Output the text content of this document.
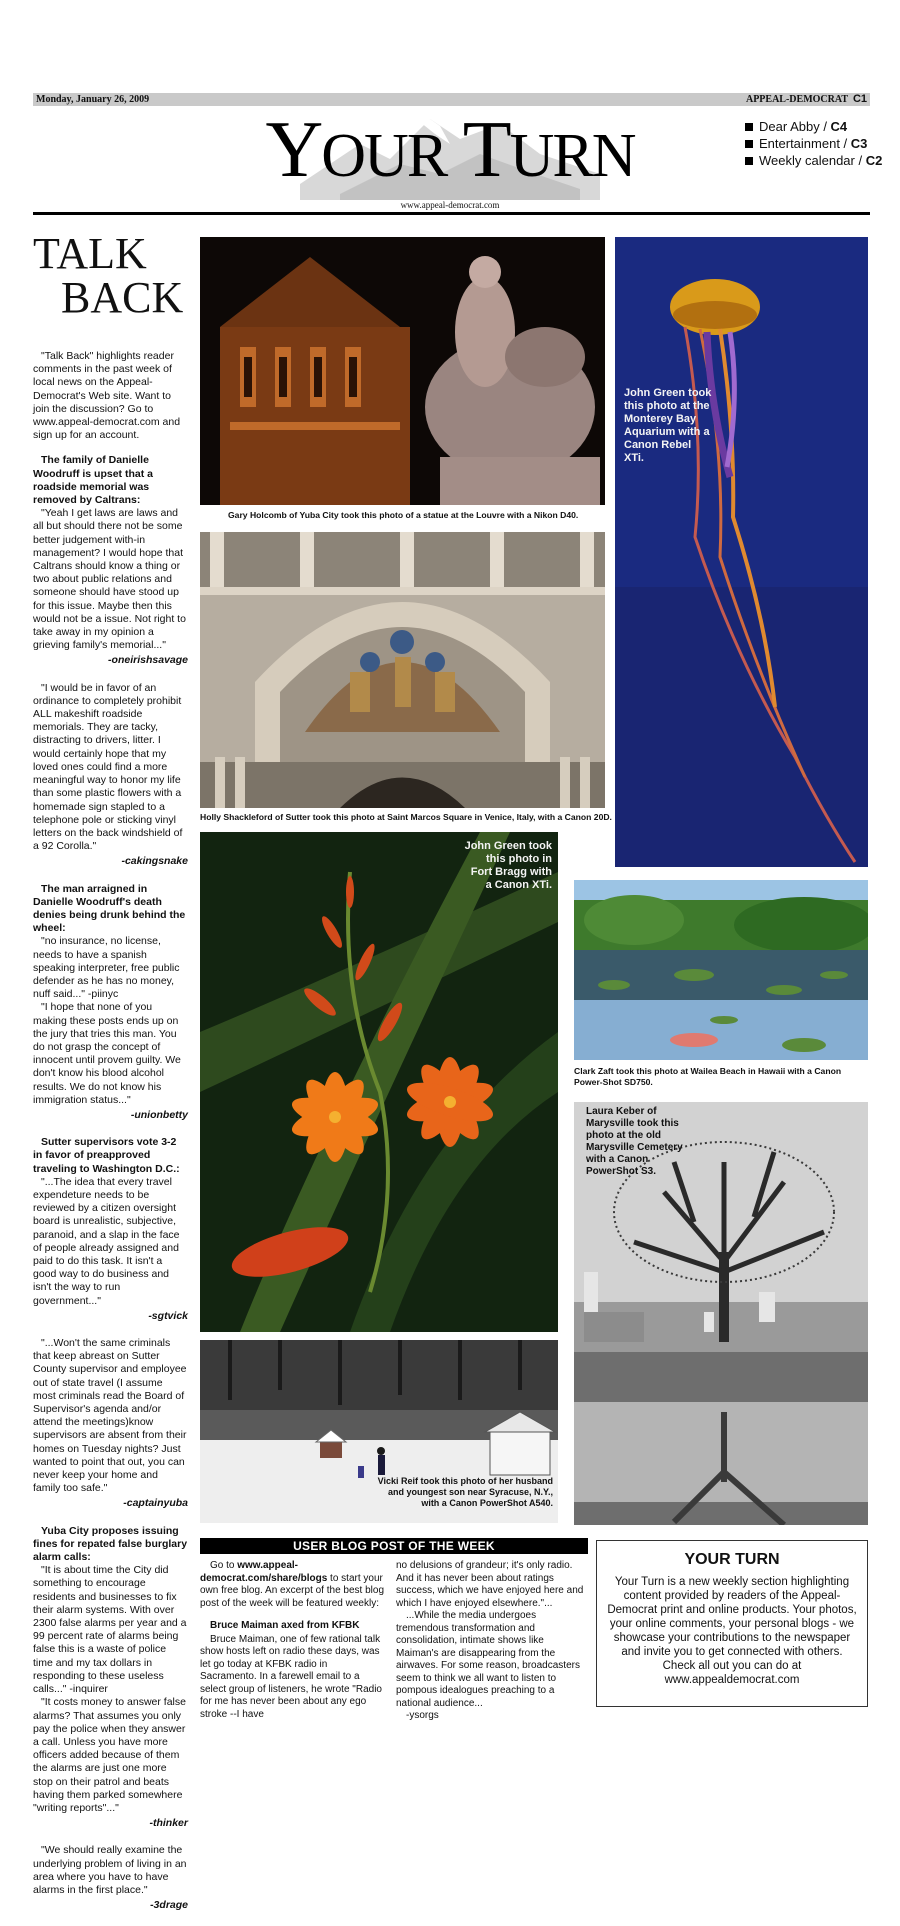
Monday, January 26, 2009	APPEAL-DEMOCRAT C1
YOUR TURN
www.appeal-democrat.com
Dear Abby / C4
Entertainment / C3
Weekly calendar / C2
TALK
BACK

"Talk Back" highlights reader comments in the past week of local news on the Appeal-Democrat's Web site. Want to join the discussion? Go to www.appeal-democrat.com and sign up for an account.

The family of Danielle Woodruff is upset that a roadside memorial was removed by Caltrans:

"Yeah I get laws are laws and all but should there not be some better judgement with-in management? I would hope that Caltrans should know a thing or two about public relations and someone should have stood up for this issue. Maybe then this would not be a issue. Not right to take away in my opinion a grieving family's memorial..."

-oneirishsavage

"I would be in favor of an ordinance to completely prohibit ALL makeshift roadside memorials. They are tacky, distracting to drivers, litter. I would certainly hope that my loved ones could find a more meaningful way to honor my life than some plastic flowers with a homemade sign stapled to a telephone pole or sticking vinyl letters on the back windshield of a 92 Corolla."

-cakingsnake
The man arraigned in Danielle Woodruff's death denies being drunk behind the wheel:

"no insurance, no license, needs to have a spanish speaking interpreter, free public defender as he has no money, nuff said..." -piinyc

"I hope that none of you making these posts ends up on the jury that tries this man. You do not grasp the concept of innocent until provem guilty. We don't know his blood alcohol results. We do not know his immigration status..."

-unionbetty
Sutter supervisors vote 3-2 in favor of preapproved traveling to Washington D.C.:

"...The idea that every travel expendeture needs to be reviewed by a citizen oversight board is unrealistic, subjective, paranoid, and a slap in the face of people already assigned and paid to do this task. It isn't a good way to do business and isn't the way to run government..."

-sgtvick

"...Won't the same criminals that keep abreast on Sutter County supervisor and employee out of state travel (I assume most criminals read the Board of Supervisor's agenda and/or attend the meetings)know supervisors are absent from their homes on Tuesday nights? Just wanted to point that out, you can never keep your home and family too safe."

-captainyuba
Yuba City proposes issuing fines for repated false burglary alarm calls:

"It is about time the City did something to encourage residents and businesses to fix their alarm systems. With over 2300 false alarms per year and a 99 percent rate of alarms being false this is a waste of police time and my tax dollars in responding to these useless calls..." -inquirer

"It costs money to answer false alarms? That assumes you only pay the police when they answer a call. Unless you have more officers added because of them the alarms are just one more stop on their patrol and beats having them parked somewhere "writing reports"..."

-thinker

"We should really examine the underlying problem of living in an area where you have to have alarms in the first place."

-3drage
Gary Holcomb of Yuba City took this photo of a statue at the Louvre with a Nikon D40.
Holly Shackleford of Sutter took this photo at Saint Marcos Square in Venice, Italy, with a Canon 20D.
John Green took this photo at the Monterey Bay Aquarium with a Canon Rebel XTi.
John Green took this photo in Fort Bragg with a Canon XTi.
Clark Zaft took this photo at Wailea Beach in Hawaii with a Canon Power-Shot SD750.
Laura Keber of Marysville took this photo at the old Marysville Cemetery with a Canon PowerShot S3.
Vicki Reif took this photo of her husband and youngest son near Syracuse, N.Y., with a Canon PowerShot A540.
USER BLOG POST OF THE WEEK

Go to www.appeal-democrat.com/share/blogs to start your own free blog. An excerpt of the best blog post of the week will be featured weekly:

Bruce Maiman axed from KFBK

Bruce Maiman, one of few rational talk show hosts left on radio these days, was let go today at KFBK radio in Sacramento. In a farewell email to a select group of listeners, he wrote "Radio for me has never been about any ego stroke --I have

no delusions of grandeur; it's only radio. And it has never been about ratings success, which we have enjoyed here and which I have enjoyed elsewhere."...

...While the media undergoes tremendous transformation and consolidation, intimate shows like Maiman's are disappearing from the airwaves. For some reason, broadcasters seem to think we all want to listen to pompous idealogues preaching to a national audience...

-ysorgs

YOUR TURN

Your Turn is a new weekly section highlighting content provided by readers of the Appeal-Democrat print and online products. Your photos, your online comments, your personal blogs - we showcase your contributions to the newspaper and invite you to get connected with others. Check all out you can do at www.appealdemocrat.com
